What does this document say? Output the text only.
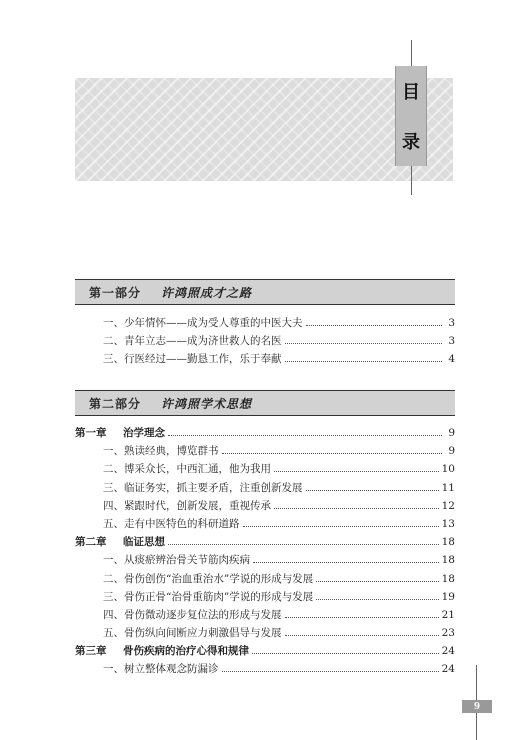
目
录
第一部分 许鸿照成才之路
一、少年情怀——成为受人尊重的中医大夫	3
二、青年立志——成为济世救人的名医	3
三、行医经过——勤恳工作，乐于奉献	4
第二部分 许鸿照学术思想
第一章	治学理念	9
一、熟读经典，博览群书	9
二、博采众长，中西汇通，他为我用	10
三、临证务实，抓主要矛盾，注重创新发展	11
四、紧跟时代，创新发展，重视传承	12
五、走有中医特色的科研道路	13
第二章	临证思想	18
一、从痰瘀辨治骨关节筋肉疾病	18
二、骨伤创伤“治血重治水”学说的形成与发展	18
三、骨伤正骨“治骨重筋肉”学说的形成与发展	19
四、骨伤微动逐步复位法的形成与发展	21
五、骨伤纵向间断应力刺激倡导与发展	23
第三章	骨伤疾病的治疗心得和规律	24
一、树立整体观念防漏诊	24
9
